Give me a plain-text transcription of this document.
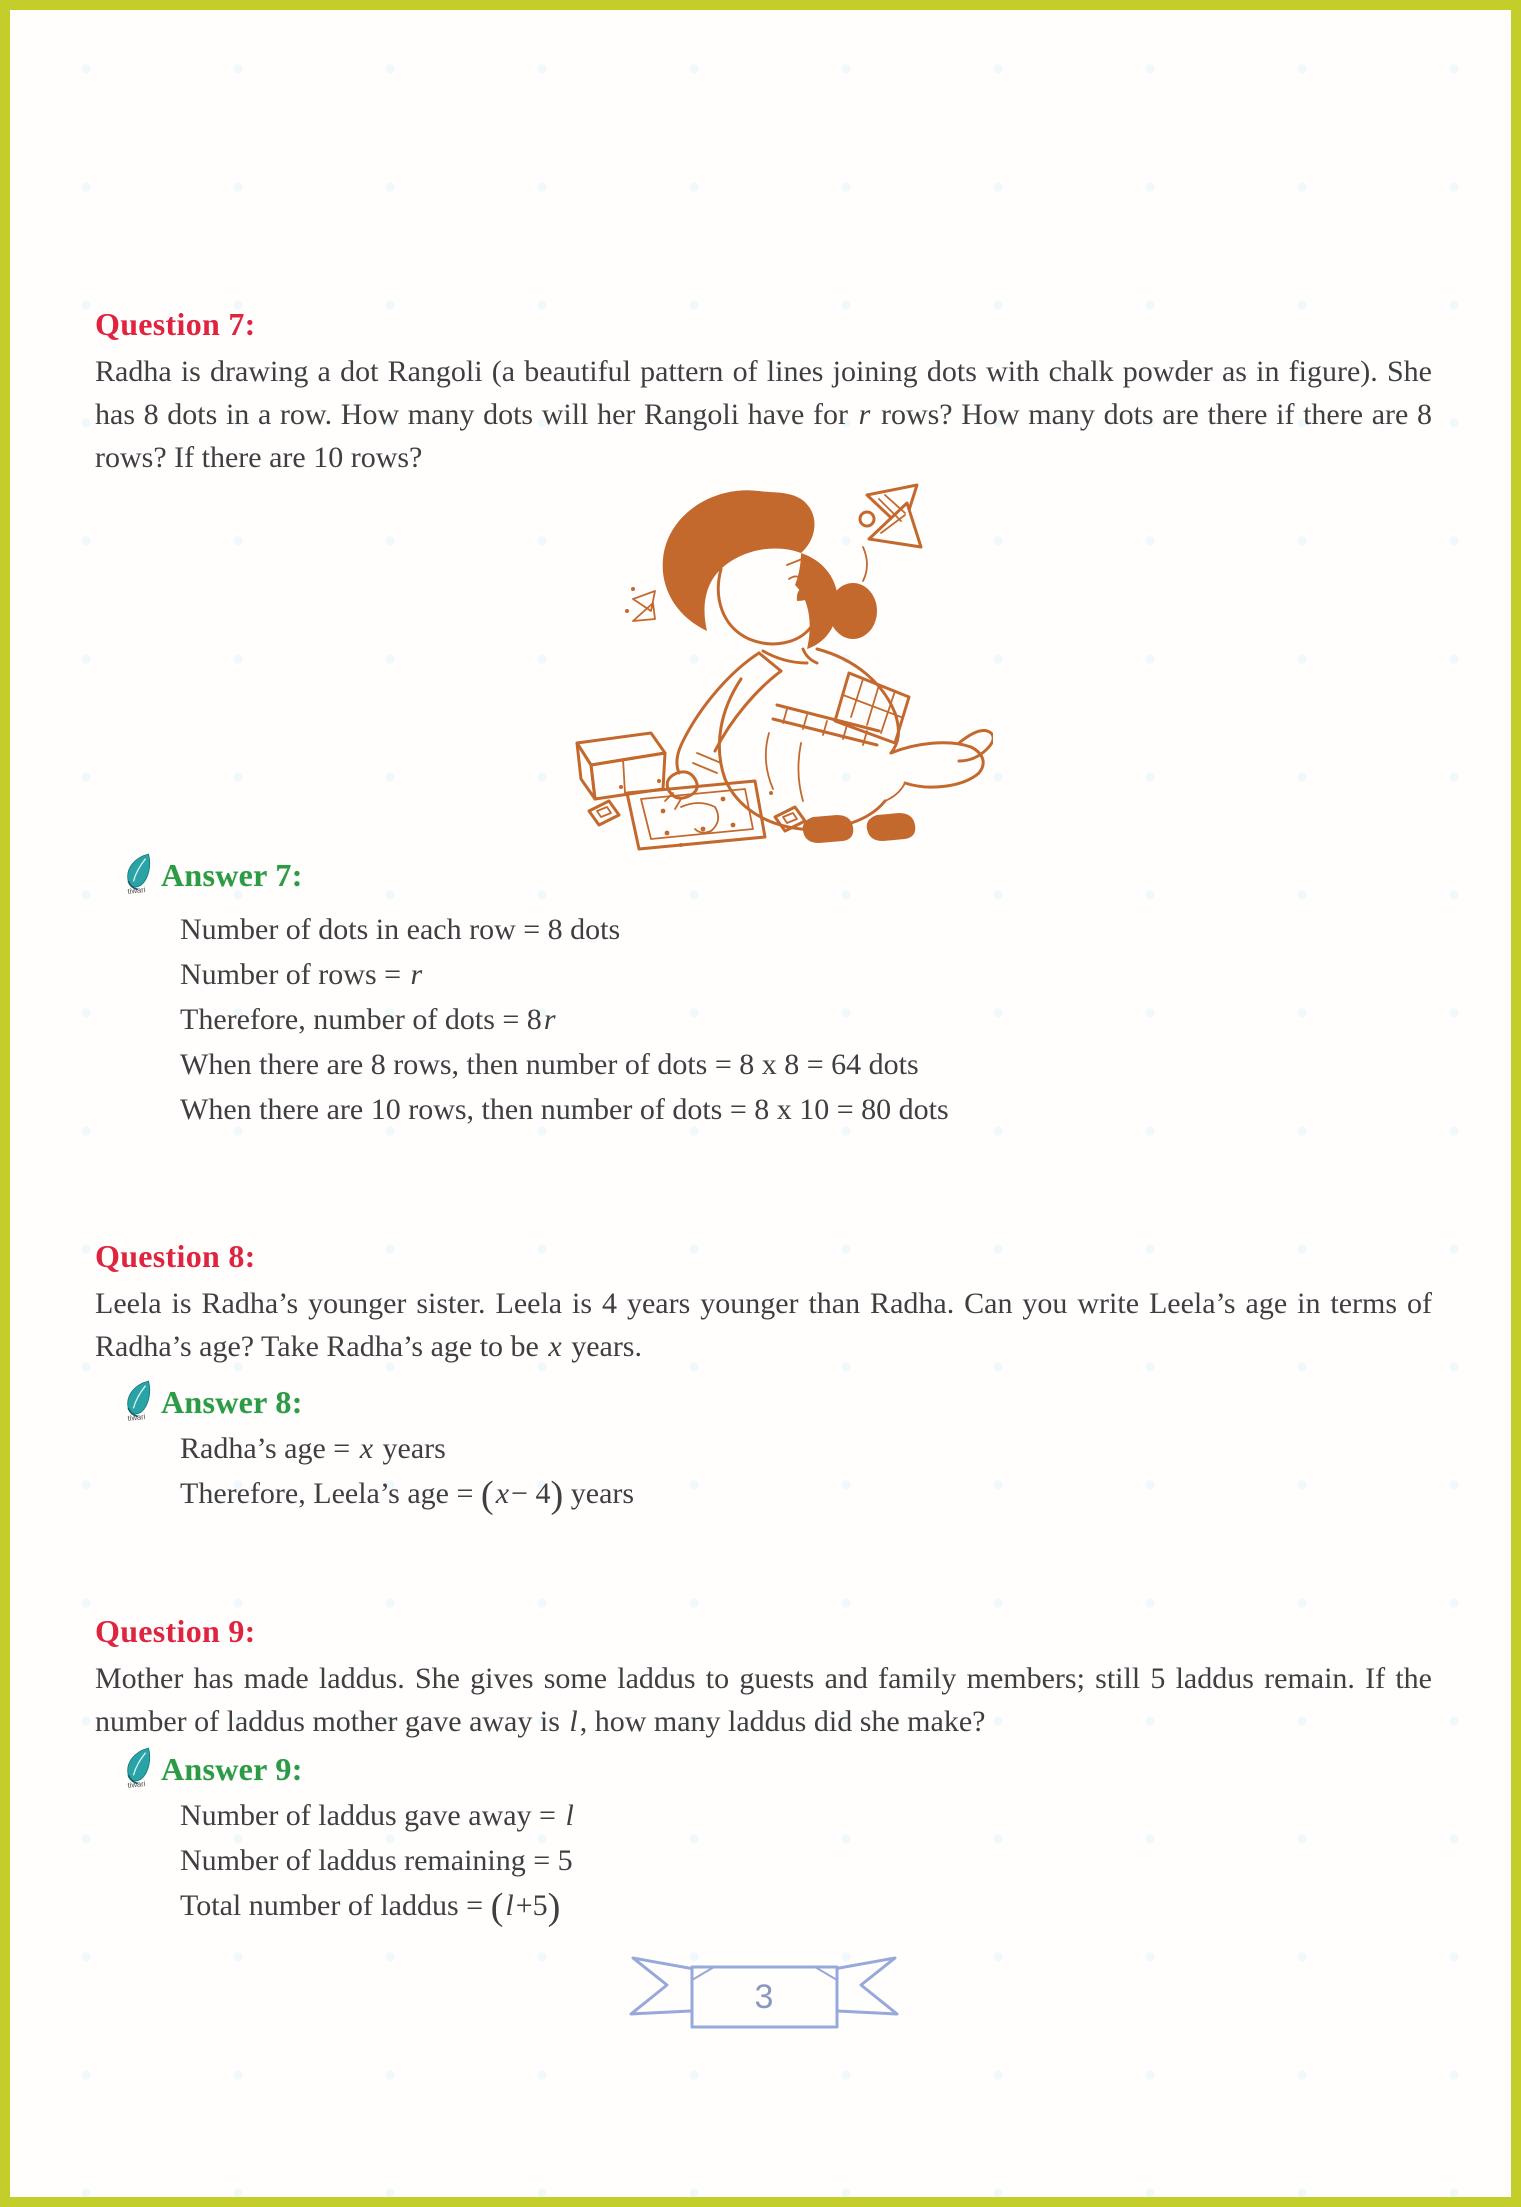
Question 7:

Radha is drawing a dot Rangoli (a beautiful pattern of lines joining dots with chalk powder as in figure). She has 8 dots in a row. How many dots will her Rangoli have for r rows? How many dots are there if there are 8 rows? If there are 10 rows?

tiwari Answer 7:
Number of dots in each row = 8 dots
Number of rows = r
Therefore, number of dots = 8r
When there are 8 rows, then number of dots = 8 x 8 = 64 dots
When there are 10 rows, then number of dots = 8 x 10 = 80 dots
Question 8:

Leela is Radha’s younger sister. Leela is 4 years younger than Radha. Can you write Leela’s age in terms of Radha’s age? Take Radha’s age to be x years.

tiwari Answer 8:
Radha’s age = x years
Therefore, Leela’s age = (x− 4) years
Question 9:

Mother has made laddus. She gives some laddus to guests and family members; still 5 laddus remain. If the number of laddus mother gave away is l, how many laddus did she make?

tiwari Answer 9:
Number of laddus gave away = l
Number of laddus remaining = 5
Total number of laddus = (l+5)
3
